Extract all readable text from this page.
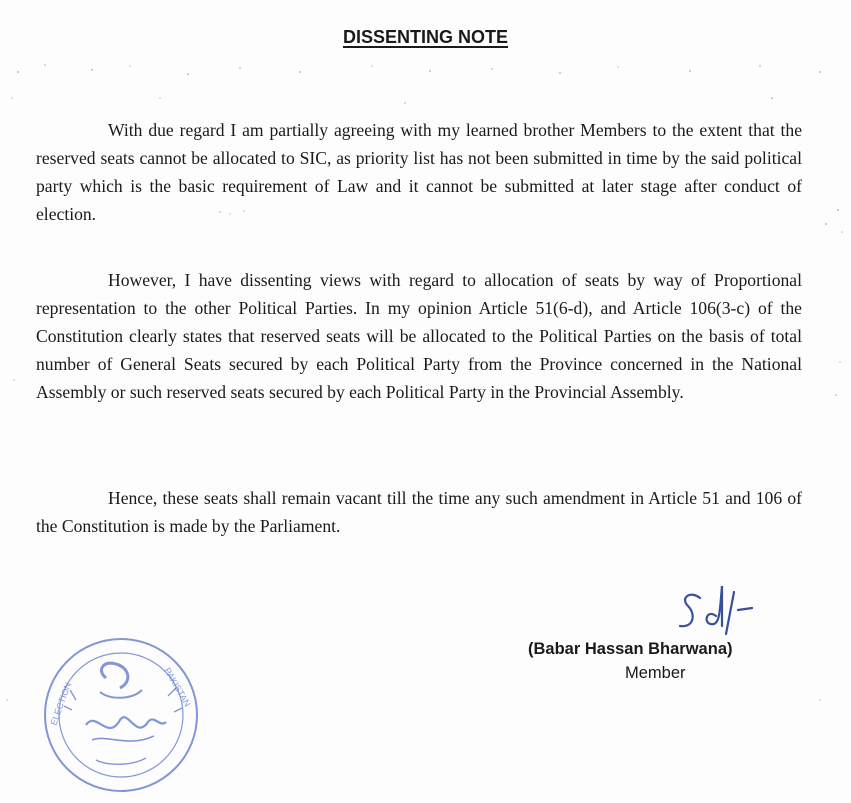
DISSENTING NOTE

With due regard I am partially agreeing with my learned brother Members to the extent that the reserved seats cannot be allocated to SIC, as priority list has not been submitted in time by the said political party which is the basic requirement of Law and it cannot be submitted at later stage after conduct of election.

However, I have dissenting views with regard to allocation of seats by way of Proportional representation to the other Political Parties. In my opinion Article 51(6-d), and Article 106(3-c) of the Constitution clearly states that reserved seats will be allocated to the Political Parties on the basis of total number of General Seats secured by each Political Party from the Province concerned in the National Assembly or such reserved seats secured by each Political Party in the Provincial Assembly.

Hence, these seats shall remain vacant till the time any such amendment in Article 51 and 106 of the Constitution is made by the Parliament.

(Babar Hassan Bharwana)
Member
ELECTION	PAKISTAN
